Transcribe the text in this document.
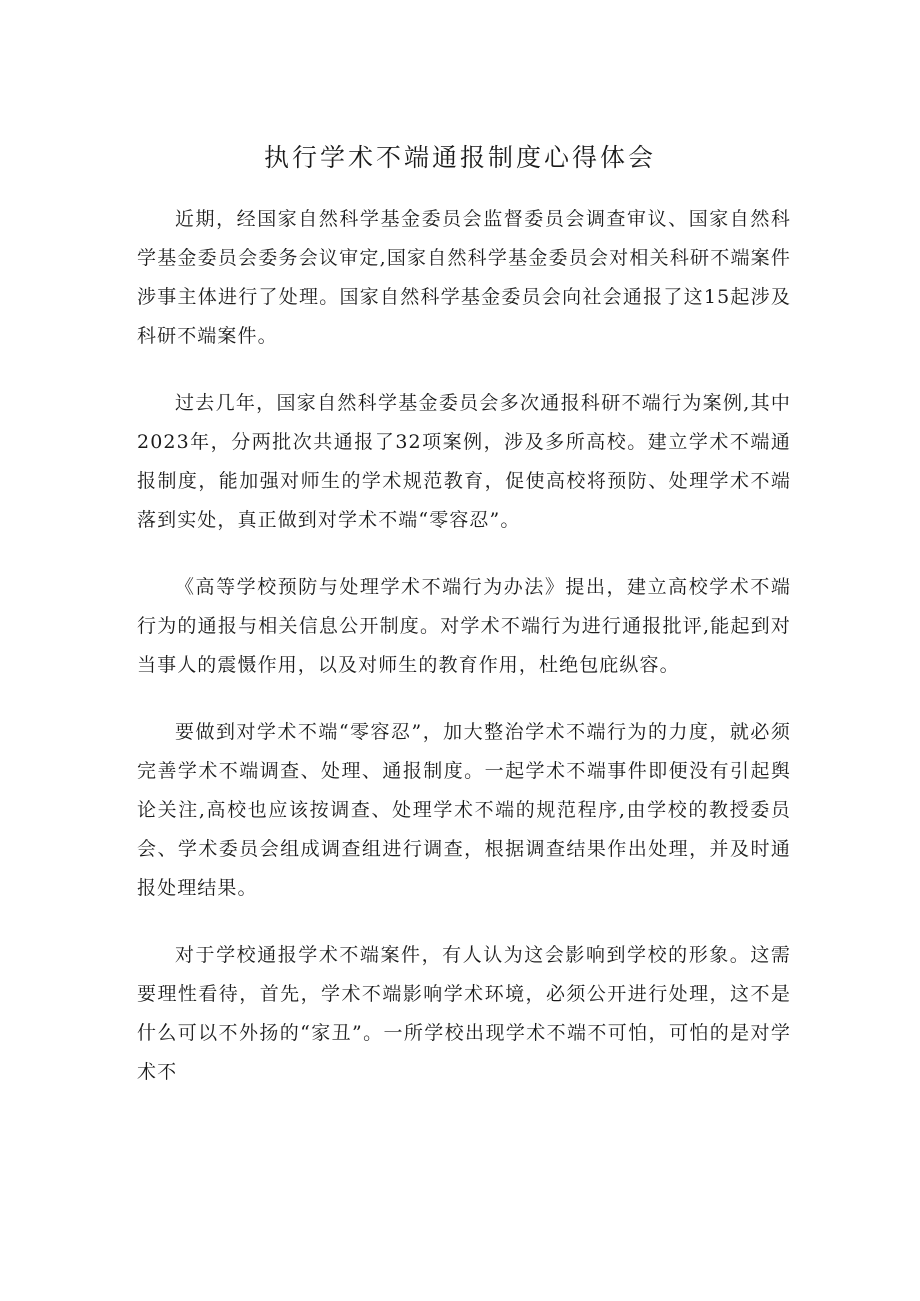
执行学术不端通报制度心得体会

近期，经国家自然科学基金委员会监督委员会调查审议、国家自然科学基金委员会委务会议审定,国家自然科学基金委员会对相关科研不端案件涉事主体进行了处理。国家自然科学基金委员会向社会通报了这15起涉及科研不端案件。

过去几年，国家自然科学基金委员会多次通报科研不端行为案例,其中2023年，分两批次共通报了32项案例，涉及多所高校。建立学术不端通报制度，能加强对师生的学术规范教育，促使高校将预防、处理学术不端落到实处，真正做到对学术不端“零容忍”。

《高等学校预防与处理学术不端行为办法》提出，建立高校学术不端行为的通报与相关信息公开制度。对学术不端行为进行通报批评,能起到对当事人的震慑作用，以及对师生的教育作用，杜绝包庇纵容。

要做到对学术不端“零容忍”，加大整治学术不端行为的力度，就必须完善学术不端调查、处理、通报制度。一起学术不端事件即便没有引起舆论关注,高校也应该按调查、处理学术不端的规范程序,由学校的教授委员会、学术委员会组成调查组进行调查，根据调查结果作出处理，并及时通报处理结果。

对于学校通报学术不端案件，有人认为这会影响到学校的形象。这需要理性看待，首先，学术不端影响学术环境，必须公开进行处理，这不是什么可以不外扬的“家丑”。一所学校出现学术不端不可怕，可怕的是对学术不
